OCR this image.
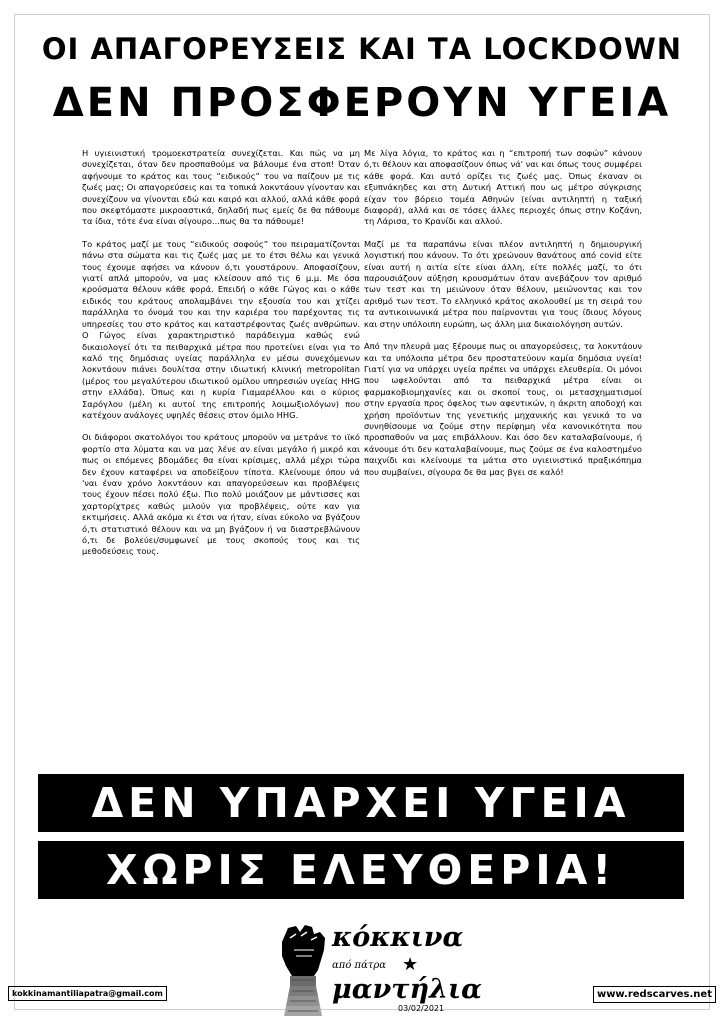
ΟΙ ΑΠΑΓΟΡΕΥΣΕΙΣ ΚΑΙ ΤΑ LOCKDOWN
ΔΕΝ ΠΡΟΣΦΕΡΟΥΝ ΥΓΕΙΑ

Η υγιεινιστική τρομοεκστρατεία συνεχίζεται. Και πώς να μη συνεχίζεται, όταν δεν προσπαθούμε να βάλουμε ένα στοπ! Όταν αφήνουμε το κράτος και τους “ειδικούς” του να παίζουν με τις ζωές μας; Οι απαγορεύσεις και τα τοπικά λοκντάουν γίνονταν και συνεχίζουν να γίνονται εδώ και καιρό και αλλού, αλλά κάθε φορά που σκεφτόμαστε μικροαστικά, δηλαδή πως εμείς δε θα πάθουμε τα ίδια, τότε ένα είναι σίγουρο...πως θα τα πάθουμε!

Το κράτος μαζί με τους “ειδικούς σοφούς” του πειραματίζονται πάνω στα σώματα και τις ζωές μας με το έτσι θέλω και γενικά τους έχουμε αφήσει να κάνουν ό,τι γουστάρουν. Αποφασίζουν, γιατί απλά μπορούν, να μας κλείσουν από τις 6 μ.μ. Με όσα κρούσματα θέλουν κάθε φορά. Επειδή ο κάθε Γώγος και ο κάθε ειδικός του κράτους απολαμβάνει την εξουσία του και χτίζει παράλληλα το όνομά του και την καριέρα του παρέχοντας τις υπηρεσίες του στο κράτος και καταστρέφοντας ζωές ανθρώπων. Ο Γώγος είναι χαρακτηριστικό παράδειγμα καθώς ενώ δικαιολογεί ότι τα πειθαρχικά μέτρα που προτείνει είναι για το καλό της δημόσιας υγείας παράλληλα εν μέσω συνεχόμενων λοκντάουν πιάνει δουλίτσα στην ιδιωτική κλινική metropolitan (μέρος του μεγαλύτερου ιδιωτικού ομίλου υπηρεσιών υγείας HHG στην ελλάδα). Όπως και η κυρία Γιαμαρέλλου και ο κύριος Σαρόγλου (μέλη κι αυτοί της επιτροπής λοιμωξιολόγων) που κατέχουν ανάλογες υψηλές θέσεις στον όμιλο HHG.

Οι διάφοροι σκατολόγοι του κράτους μπορούν να μετράνε το ιϊκό φορτίο στα λύματα και να μας λένε αν είναι μεγάλο ή μικρό και πως οι επόμενες βδομάδες θα είναι κρίσιμες, αλλά μέχρι τώρα δεν έχουν καταφέρει να αποδείξουν τίποτα. Κλείνουμε όπου νά 'ναι έναν χρόνο λοκντάουν και απαγορεύσεων και προβλέψεις τους έχουν πέσει πολύ έξω. Πιο πολύ μοιάζουν με μάντισσες και χαρτορίχτρες καθώς μιλούν για προβλέψεις, ούτε καν για εκτιμήσεις. Αλλά ακόμα κι έτσι να ήταν, είναι εύκολο να βγάζουν ό,τι στατιστικό θέλουν και να μη βγάζουν ή να διαστρεβλώνουν ό,τι δε βολεύει/συμφωνεί με τους σκοπούς τους και τις μεθοδεύσεις τους.

Με λίγα λόγια, το κράτος και η “επιτροπή των σοφών” κάνουν ό,τι θέλουν και αποφασίζουν όπως νά' ναι και όπως τους συμφέρει κάθε φορά. Και αυτό ορίζει τις ζωές μας. Όπως έκαναν οι εξυπνάκηδες και στη Δυτική Αττική που ως μέτρο σύγκρισης είχαν τον βόρειο τομέα Αθηνών (είναι αντιληπτή η ταξική διαφορά), αλλά και σε τόσες άλλες περιοχές όπως στην Κοζάνη, τη Λάρισα, το Κρανίδι και αλλού.

Μαζί με τα παραπάνω είναι πλέον αντιληπτή η δημιουργική λογιστική που κάνουν. Το ότι χρεώνουν θανάτους από covid είτε είναι αυτή η αιτία είτε είναι άλλη, είτε πολλές μαζί, το ότι παρουσιάζουν αύξηση κρουσμάτων όταν ανεβάζουν τον αριθμό των τεστ και τη μειώνουν όταν θέλουν, μειώνοντας και τον αριθμό των τεστ. Το ελληνικό κράτος ακολουθεί με τη σειρά του τα αντικοινωνικά μέτρα που παίρνονται για τους ίδιους λόγους και στην υπόλοιπη ευρώπη, ως άλλη μια δικαιολόγηση αυτών.

Από την πλευρά μας ξέρουμε πως οι απαγορεύσεις, τα λοκντάουν και τα υπόλοιπα μέτρα δεν προστατεύουν καμία δημόσια υγεία! Γιατί για να υπάρχει υγεία πρέπει να υπάρχει ελευθερία. Οι μόνοι που ωφελούνται από τα πειθαρχικά μέτρα είναι οι φαρμακοβιομηχανίες και οι σκοποί τους, οι μετασχηματισμοί στην εργασία προς όφελος των αφεντικών, η άκριτη αποδοχή και χρήση προϊόντων της γενετικής μηχανικής και γενικά το να συνηθίσουμε να ζούμε στην περίφημη νέα κανονικότητα που προσπαθούν να μας επιβάλλουν. Και όσο δεν καταλαβαίνουμε, ή κάνουμε ότι δεν καταλαβαίνουμε, πως ζούμε σε ένα καλοστημένο παιχνίδι και κλείνουμε τα μάτια στο υγιεινιστικό πραξικόπημα που συμβαίνει, σίγουρα δε θα μας βγει σε καλό!

ΔΕΝ ΥΠΑΡΧΕΙ ΥΓΕΙΑ
ΧΩΡΙΣ ΕΛΕΥΘΕΡΙΑ!
κόκκινα
από πάτρα ★
μαντήλια
03/02/2021
kokkinamantiliapatra@gmail.com	www.redscarves.net
